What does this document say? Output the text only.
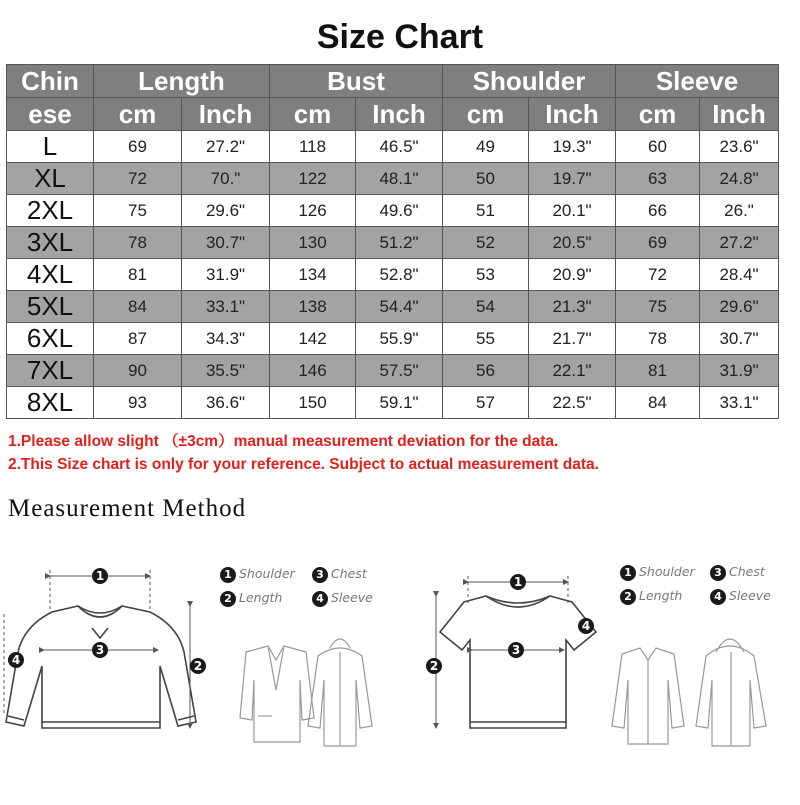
Size Chart
Chin	Length		Bust		Shoulder		Sleeve	
ese	cm	Inch	cm	Inch	cm	Inch	cm	Inch
L	69	27.2"	118	46.5"	49	19.3"	60	23.6"
XL	72	70."	122	48.1"	50	19.7"	63	24.8"
2XL	75	29.6"	126	49.6"	51	20.1"	66	26."
3XL	78	30.7"	130	51.2"	52	20.5"	69	27.2"
4XL	81	31.9"	134	52.8"	53	20.9"	72	28.4"
5XL	84	33.1"	138	54.4"	54	21.3"	75	29.6"
6XL	87	34.3"	142	55.9"	55	21.7"	78	30.7"
7XL	90	35.5"	146	57.5"	56	22.1"	81	31.9"
8XL	93	36.6"	150	59.1"	57	22.5"	84	33.1"
1.Please allow slight （±3cm）manual measurement deviation for the data.
2.This Size chart is only for your reference. Subject to actual measurement data.
Measurement Method
1
3
2
4
1
3
2
4
1 Shoulder	3 Chest
2 Length	4 Sleeve
1 Shoulder	3 Chest
2 Length	4 Sleeve
